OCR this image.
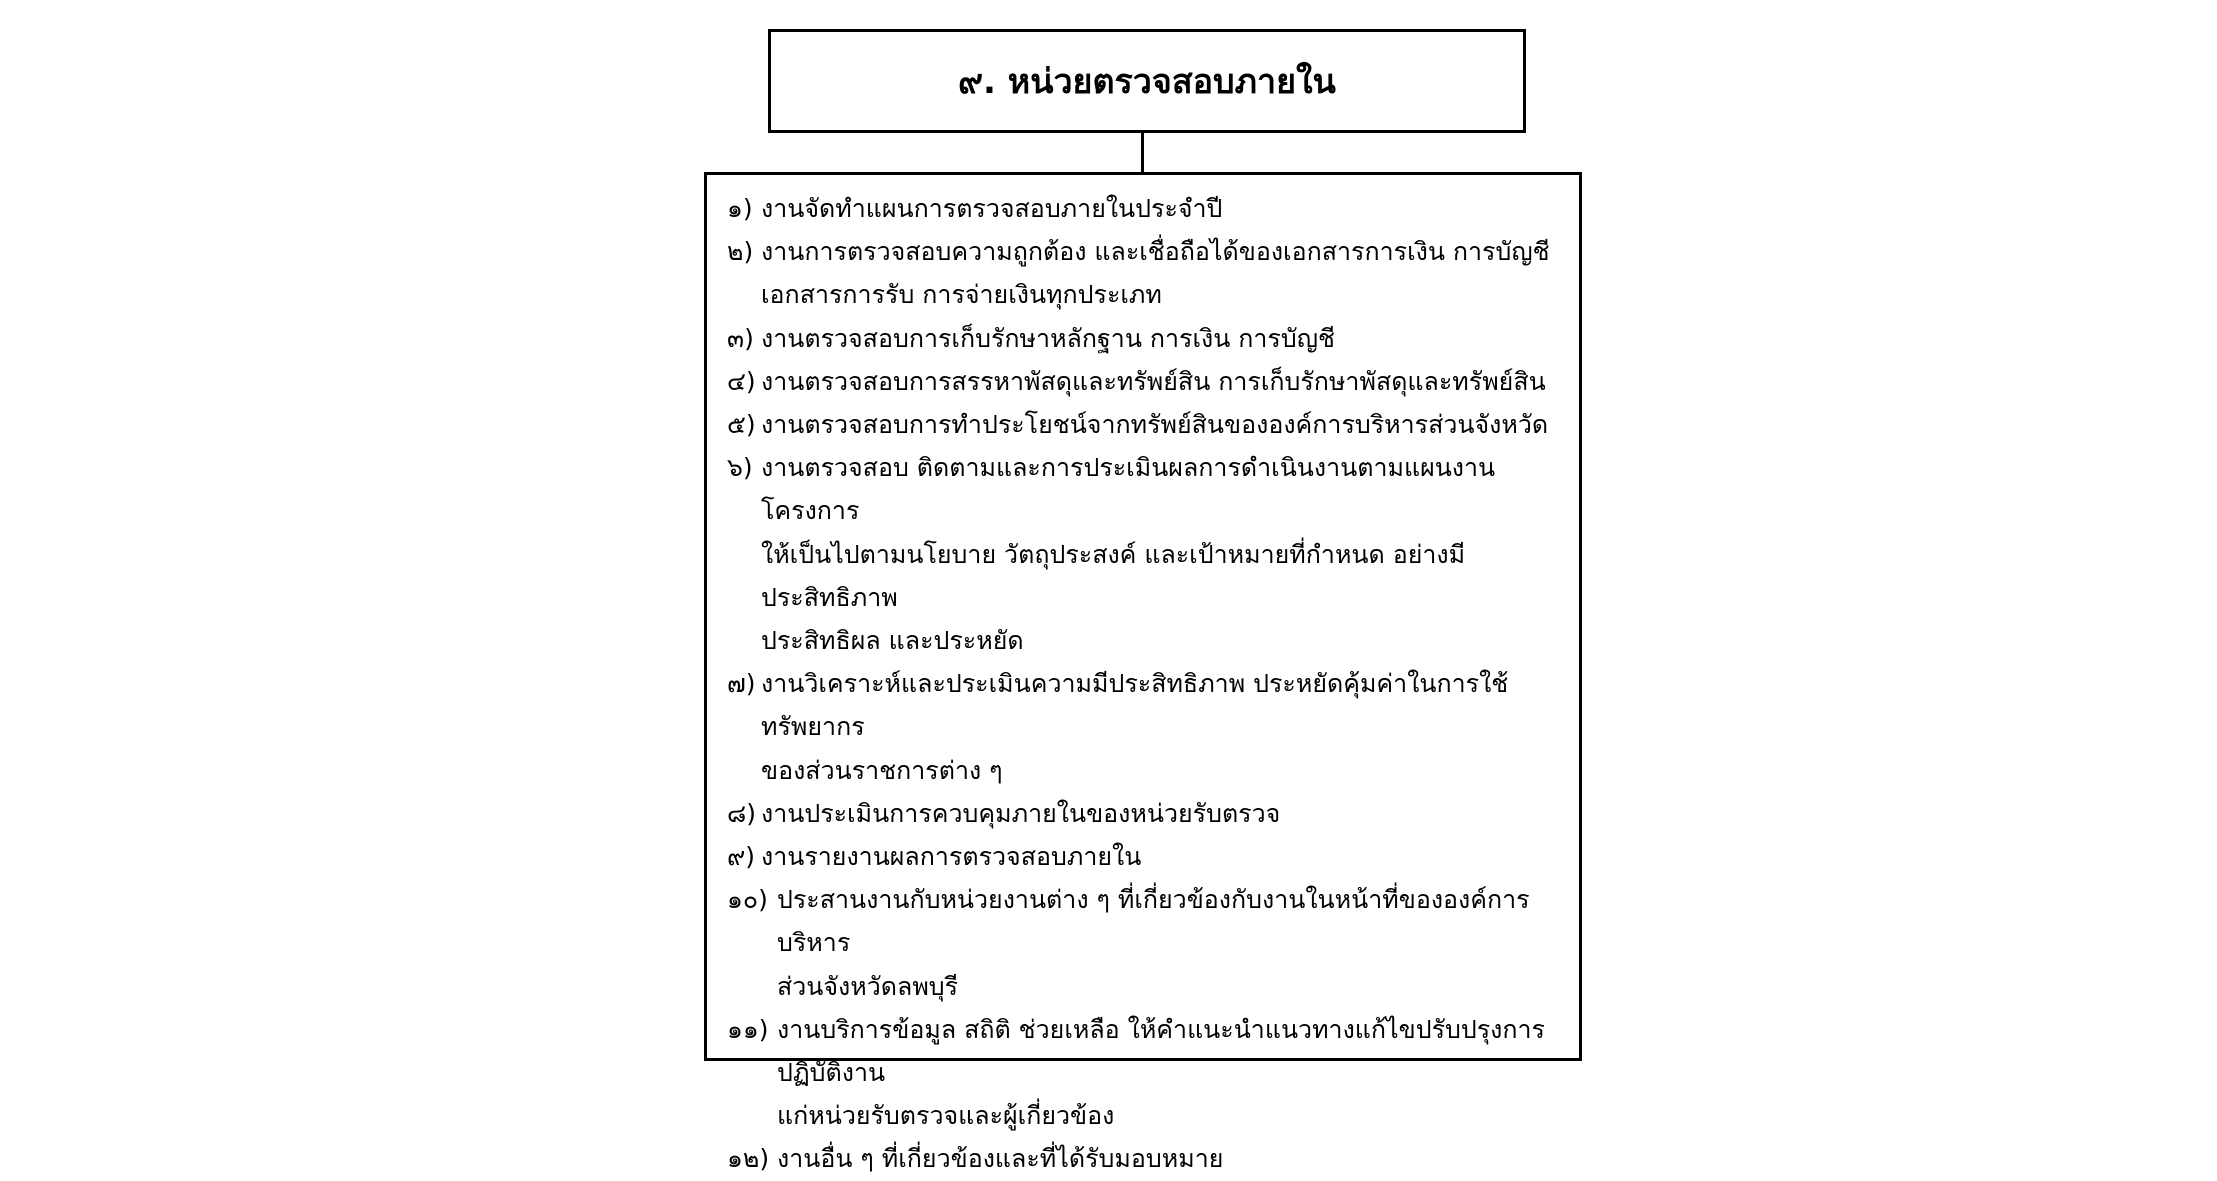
๙. หน่วยตรวจสอบภายใน
๑) งานจัดทำแผนการตรวจสอบภายในประจำปี
๒) งานการตรวจสอบความถูกต้อง และเชื่อถือได้ของเอกสารการเงิน การบัญชี
เอกสารการรับ การจ่ายเงินทุกประเภท
๓) งานตรวจสอบการเก็บรักษาหลักฐาน การเงิน การบัญชี
๔) งานตรวจสอบการสรรหาพัสดุและทรัพย์สิน การเก็บรักษาพัสดุและทรัพย์สิน
๕) งานตรวจสอบการทำประโยชน์จากทรัพย์สินขององค์การบริหารส่วนจังหวัด
๖) งานตรวจสอบ ติดตามและการประเมินผลการดำเนินงานตามแผนงานโครงการ
ให้เป็นไปตามนโยบาย วัตถุประสงค์ และเป้าหมายที่กำหนด อย่างมีประสิทธิภาพ
ประสิทธิผล และประหยัด
๗) งานวิเคราะห์และประเมินความมีประสิทธิภาพ ประหยัดคุ้มค่าในการใช้ทรัพยากร
ของส่วนราชการต่าง ๆ
๘) งานประเมินการควบคุมภายในของหน่วยรับตรวจ
๙) งานรายงานผลการตรวจสอบภายใน
๑๐) ประสานงานกับหน่วยงานต่าง ๆ ที่เกี่ยวข้องกับงานในหน้าที่ขององค์การบริหาร
ส่วนจังหวัดลพบุรี
๑๑) งานบริการข้อมูล สถิติ ช่วยเหลือ ให้คำแนะนำแนวทางแก้ไขปรับปรุงการปฏิบัติงาน
แก่หน่วยรับตรวจและผู้เกี่ยวข้อง
๑๒) งานอื่น ๆ ที่เกี่ยวข้องและที่ได้รับมอบหมาย
